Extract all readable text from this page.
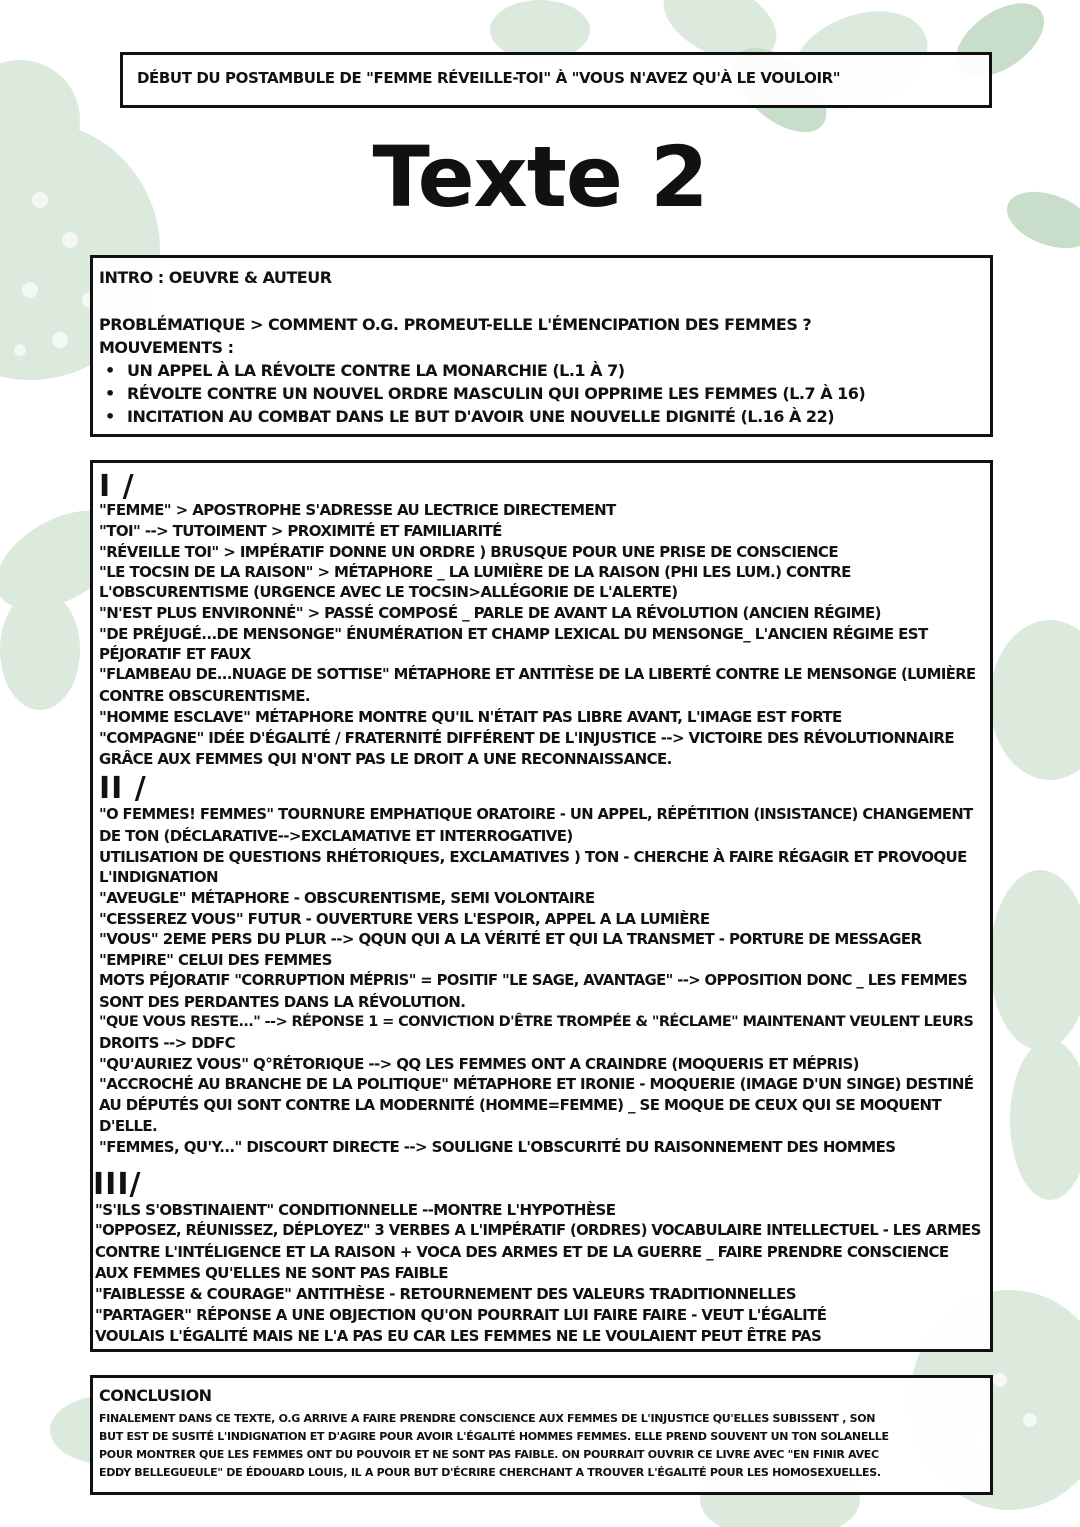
DÉBUT DU POSTAMBULE DE "FEMME RÉVEILLE-TOI" À "VOUS N'AVEZ QU'À LE VOULOIR"
Texte 2
INTRO : OEUVRE & AUTEUR
PROBLÉMATIQUE > COMMENT O.G. PROMEUT-ELLE L'ÉMENCIPATION DES FEMMES ?
MOUVEMENTS :
• UN APPEL À LA RÉVOLTE CONTRE LA MONARCHIE (L.1 À 7)
• RÉVOLTE CONTRE UN NOUVEL ORDRE MASCULIN QUI OPPRIME LES FEMMES (L.7 À 16)
• INCITATION AU COMBAT DANS LE BUT D'AVOIR UNE NOUVELLE DIGNITÉ (L.16 À 22)
I /
"FEMME" > APOSTROPHE S'ADRESSE AU LECTRICE DIRECTEMENT
"TOI" --> TUTOIMENT > PROXIMITÉ ET FAMILIARITÉ
"RÉVEILLE TOI" > IMPÉRATIF DONNE UN ORDRE ) BRUSQUE POUR UNE PRISE DE CONSCIENCE
"LE TOCSIN DE LA RAISON" > MÉTAPHORE _ LA LUMIÈRE DE LA RAISON (PHI LES LUM.) CONTRE
L'OBSCURENTISME (URGENCE AVEC LE TOCSIN>ALLÉGORIE DE L'ALERTE)
"N'EST PLUS ENVIRONNÉ" > PASSÉ COMPOSÉ _ PARLE DE AVANT LA RÉVOLUTION (ANCIEN RÉGIME)
"DE PRÉJUGÉ...DE MENSONGE" ÉNUMÉRATION ET CHAMP LEXICAL DU MENSONGE_ L'ANCIEN RÉGIME EST
PÉJORATIF ET FAUX
"FLAMBEAU DE...NUAGE DE SOTTISE" MÉTAPHORE ET ANTITÈSE DE LA LIBERTÉ CONTRE LE MENSONGE (LUMIÈRE
CONTRE OBSCURENTISME.
"HOMME ESCLAVE" MÉTAPHORE MONTRE QU'IL N'ÉTAIT PAS LIBRE AVANT, L'IMAGE EST FORTE
"COMPAGNE" IDÉE D'ÉGALITÉ / FRATERNITÉ DIFFÉRENT DE L'INJUSTICE --> VICTOIRE DES RÉVOLUTIONNAIRE
GRÂCE AUX FEMMES QUI N'ONT PAS LE DROIT A UNE RECONNAISSANCE.
II /
"O FEMMES! FEMMES" TOURNURE EMPHATIQUE ORATOIRE - UN APPEL, RÉPÉTITION (INSISTANCE) CHANGEMENT
DE TON (DÉCLARATIVE-->EXCLAMATIVE ET INTERROGATIVE)
UTILISATION DE QUESTIONS RHÉTORIQUES, EXCLAMATIVES ) TON - CHERCHE À FAIRE RÉGAGIR ET PROVOQUE
L'INDIGNATION
"AVEUGLE" MÉTAPHORE - OBSCURENTISME, SEMI VOLONTAIRE
"CESSEREZ VOUS" FUTUR - OUVERTURE VERS L'ESPOIR, APPEL A LA LUMIÈRE
"VOUS" 2EME PERS DU PLUR --> QQUN QUI A LA VÉRITÉ ET QUI LA TRANSMET - PORTURE DE MESSAGER
"EMPIRE" CELUI DES FEMMES
MOTS PÉJORATIF "CORRUPTION MÉPRIS" = POSITIF "LE SAGE, AVANTAGE" --> OPPOSITION DONC _ LES FEMMES
SONT DES PERDANTES DANS LA RÉVOLUTION.
"QUE VOUS RESTE..." --> RÉPONSE 1 = CONVICTION D'ÊTRE TROMPÉE & "RÉCLAME" MAINTENANT VEULENT LEURS
DROITS --> DDFC
"QU'AURIEZ VOUS" Q°RÉTORIQUE --> QQ LES FEMMES ONT A CRAINDRE (MOQUERIS ET MÉPRIS)
"ACCROCHÉ AU BRANCHE DE LA POLITIQUE" MÉTAPHORE ET IRONIE - MOQUERIE (IMAGE D'UN SINGE) DESTINÉ
AU DÉPUTÉS QUI SONT CONTRE LA MODERNITÉ (HOMME=FEMME) _ SE MOQUE DE CEUX QUI SE MOQUENT
D'ELLE.
"FEMMES, QU'Y..." DISCOURT DIRECTE --> SOULIGNE L'OBSCURITÉ DU RAISONNEMENT DES HOMMES
III/
"S'ILS S'OBSTINAIENT" CONDITIONNELLE --MONTRE L'HYPOTHÈSE
"OPPOSEZ, RÉUNISSEZ, DÉPLOYEZ" 3 VERBES A L'IMPÉRATIF (ORDRES) VOCABULAIRE INTELLECTUEL - LES ARMES
CONTRE L'INTÉLIGENCE ET LA RAISON + VOCA DES ARMES ET DE LA GUERRE _ FAIRE PRENDRE CONSCIENCE
AUX FEMMES QU'ELLES NE SONT PAS FAIBLE
"FAIBLESSE & COURAGE" ANTITHÈSE - RETOURNEMENT DES VALEURS TRADITIONNELLES
"PARTAGER" RÉPONSE A UNE OBJECTION QU'ON POURRAIT LUI FAIRE FAIRE - VEUT L'ÉGALITÉ
VOULAIS L'ÉGALITÉ MAIS NE L'A PAS EU CAR LES FEMMES NE LE VOULAIENT PEUT ÊTRE PAS
CONCLUSION
FINALEMENT DANS CE TEXTE, O.G ARRIVE A FAIRE PRENDRE CONSCIENCE AUX FEMMES DE L'INJUSTICE QU'ELLES SUBISSENT , SON
BUT EST DE SUSITÉ L'INDIGNATION ET D'AGIRE POUR AVOIR L'ÉGALITÉ HOMMES FEMMES. ELLE PREND SOUVENT UN TON SOLANELLE
POUR MONTRER QUE LES FEMMES ONT DU POUVOIR ET NE SONT PAS FAIBLE. ON POURRAIT OUVRIR CE LIVRE AVEC "EN FINIR AVEC
EDDY BELLEGUEULE" DE ÉDOUARD LOUIS, IL A POUR BUT D'ÉCRIRE CHERCHANT A TROUVER L'ÉGALITÉ POUR LES HOMOSEXUELLES.
